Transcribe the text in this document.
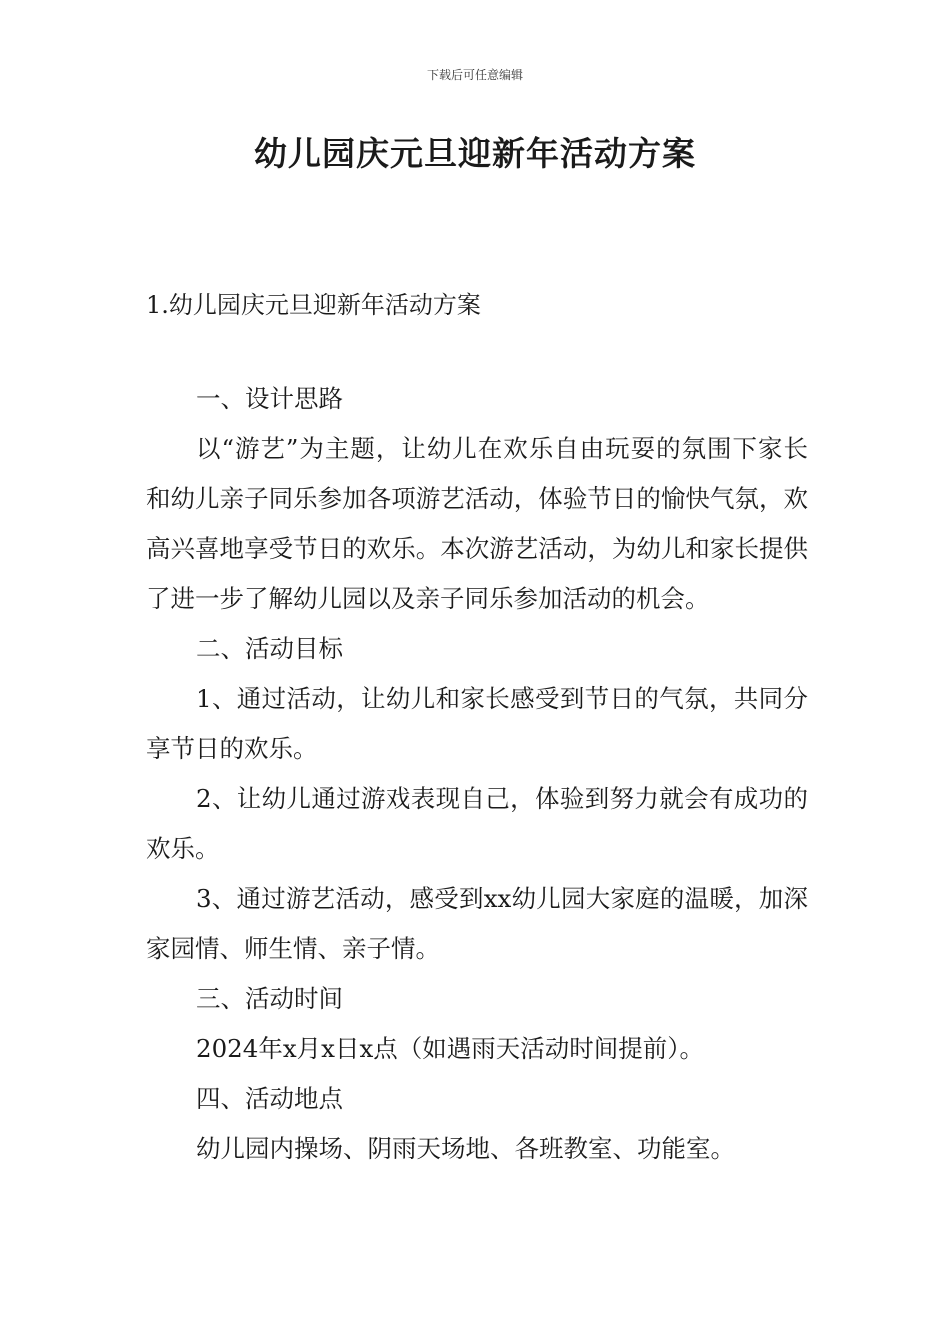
下载后可任意编辑
幼儿园庆元旦迎新年活动方案
1.幼儿园庆元旦迎新年活动方案

一、设计思路

以“游艺”为主题，让幼儿在欢乐自由玩耍的氛围下家长和幼儿亲子同乐参加各项游艺活动，体验节日的愉快气氛，欢高兴喜地享受节日的欢乐。本次游艺活动，为幼儿和家长提供了进一步了解幼儿园以及亲子同乐参加活动的机会。

二、活动目标

1、通过活动，让幼儿和家长感受到节日的气氛，共同分享节日的欢乐。

2、让幼儿通过游戏表现自己，体验到努力就会有成功的欢乐。

3、通过游艺活动，感受到xx幼儿园大家庭的温暖，加深家园情、师生情、亲子情。

三、活动时间

2024年x月x日x点（如遇雨天活动时间提前）。

四、活动地点

幼儿园内操场、阴雨天场地、各班教室、功能室。
